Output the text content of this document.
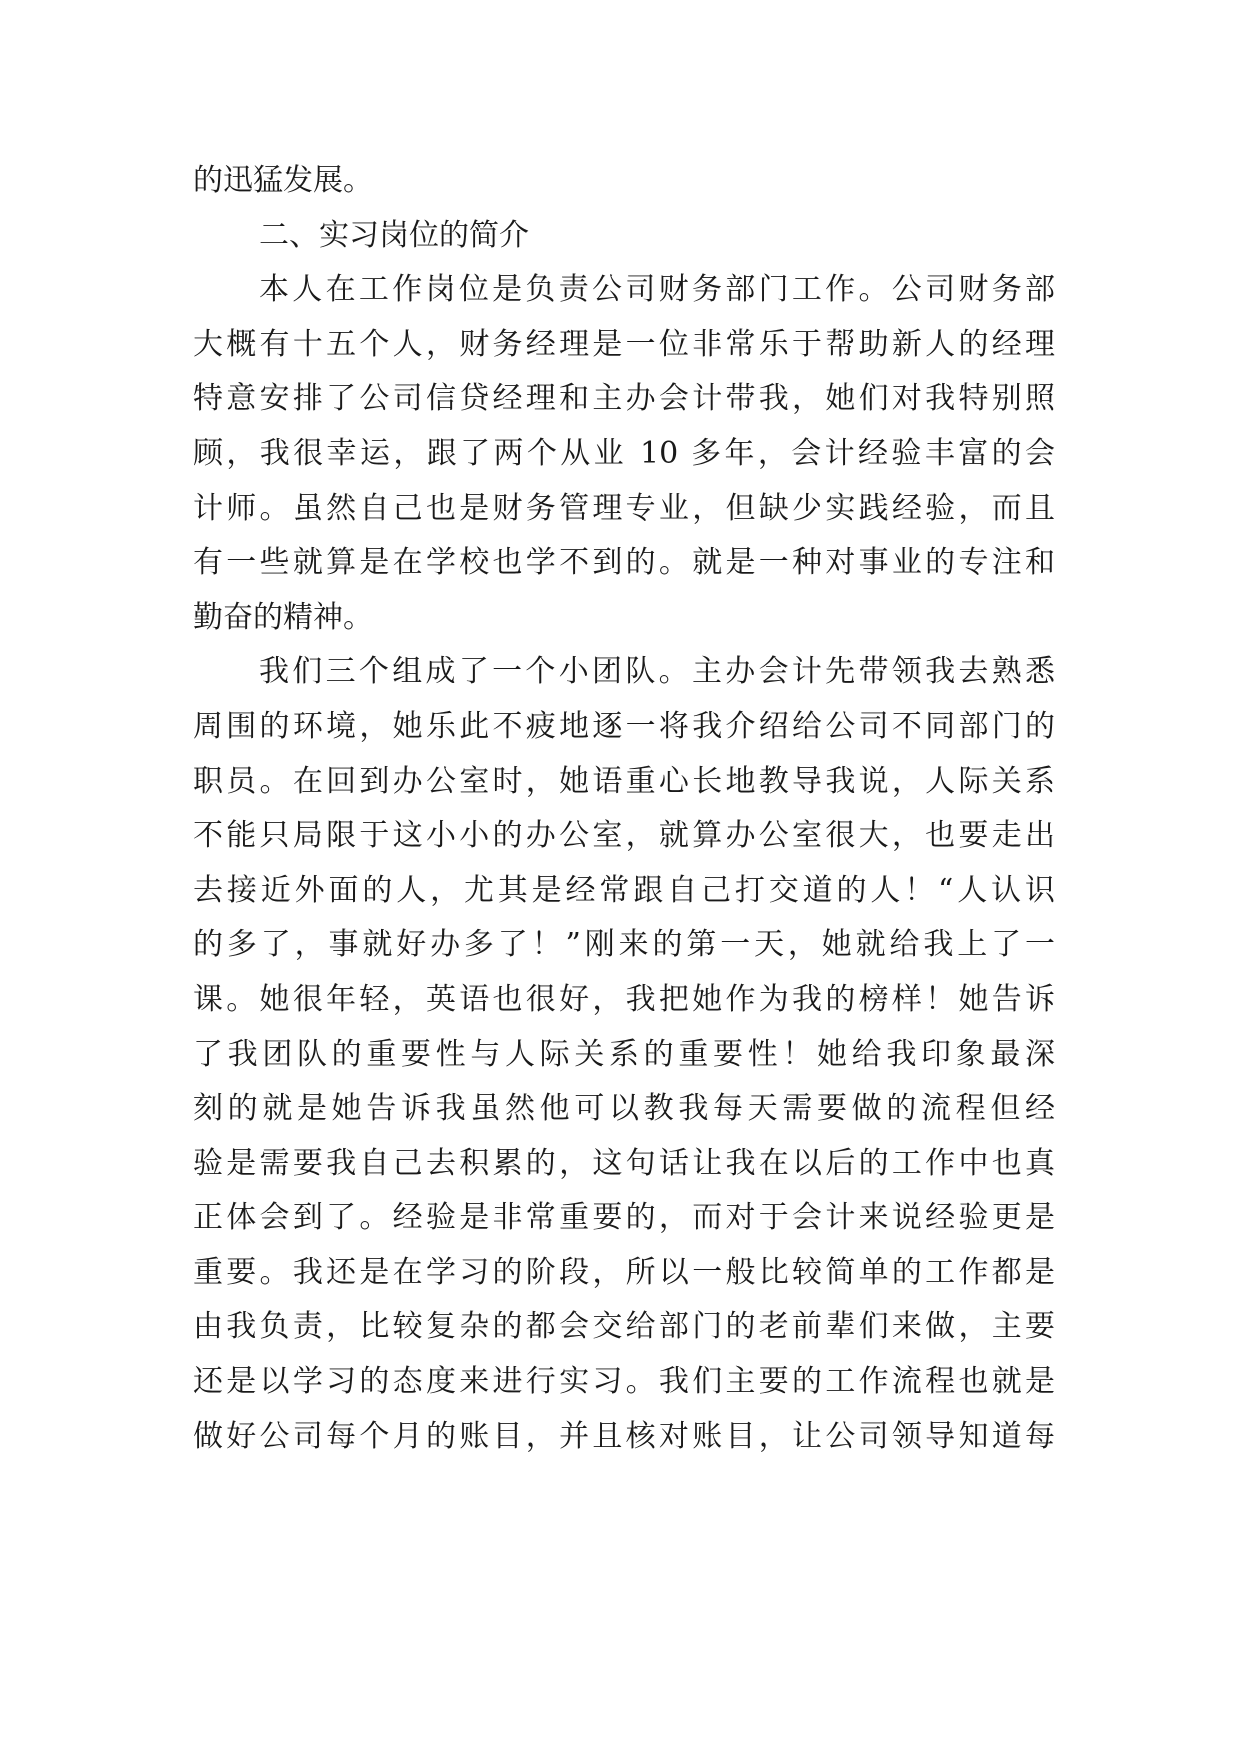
的迅猛发展。
二、实习岗位的简介
本人在工作岗位是负责公司财务部门工作。公司财务部
大概有十五个人，财务经理是一位非常乐于帮助新人的经理
特意安排了公司信贷经理和主办会计带我，她们对我特别照
顾，我很幸运，跟了两个从业 10 多年，会计经验丰富的会
计师。虽然自己也是财务管理专业，但缺少实践经验，而且
有一些就算是在学校也学不到的。就是一种对事业的专注和
勤奋的精神。
我们三个组成了一个小团队。主办会计先带领我去熟悉
周围的环境，她乐此不疲地逐一将我介绍给公司不同部门的
职员。在回到办公室时，她语重心长地教导我说，人际关系
不能只局限于这小小的办公室，就算办公室很大，也要走出
去接近外面的人，尤其是经常跟自己打交道的人！“人认识
的多了，事就好办多了！”刚来的第一天，她就给我上了一
课。她很年轻，英语也很好，我把她作为我的榜样！她告诉
了我团队的重要性与人际关系的重要性！她给我印象最深
刻的就是她告诉我虽然他可以教我每天需要做的流程但经
验是需要我自己去积累的，这句话让我在以后的工作中也真
正体会到了。经验是非常重要的，而对于会计来说经验更是
重要。我还是在学习的阶段，所以一般比较简单的工作都是
由我负责，比较复杂的都会交给部门的老前辈们来做，主要
还是以学习的态度来进行实习。我们主要的工作流程也就是
做好公司每个月的账目，并且核对账目，让公司领导知道每
